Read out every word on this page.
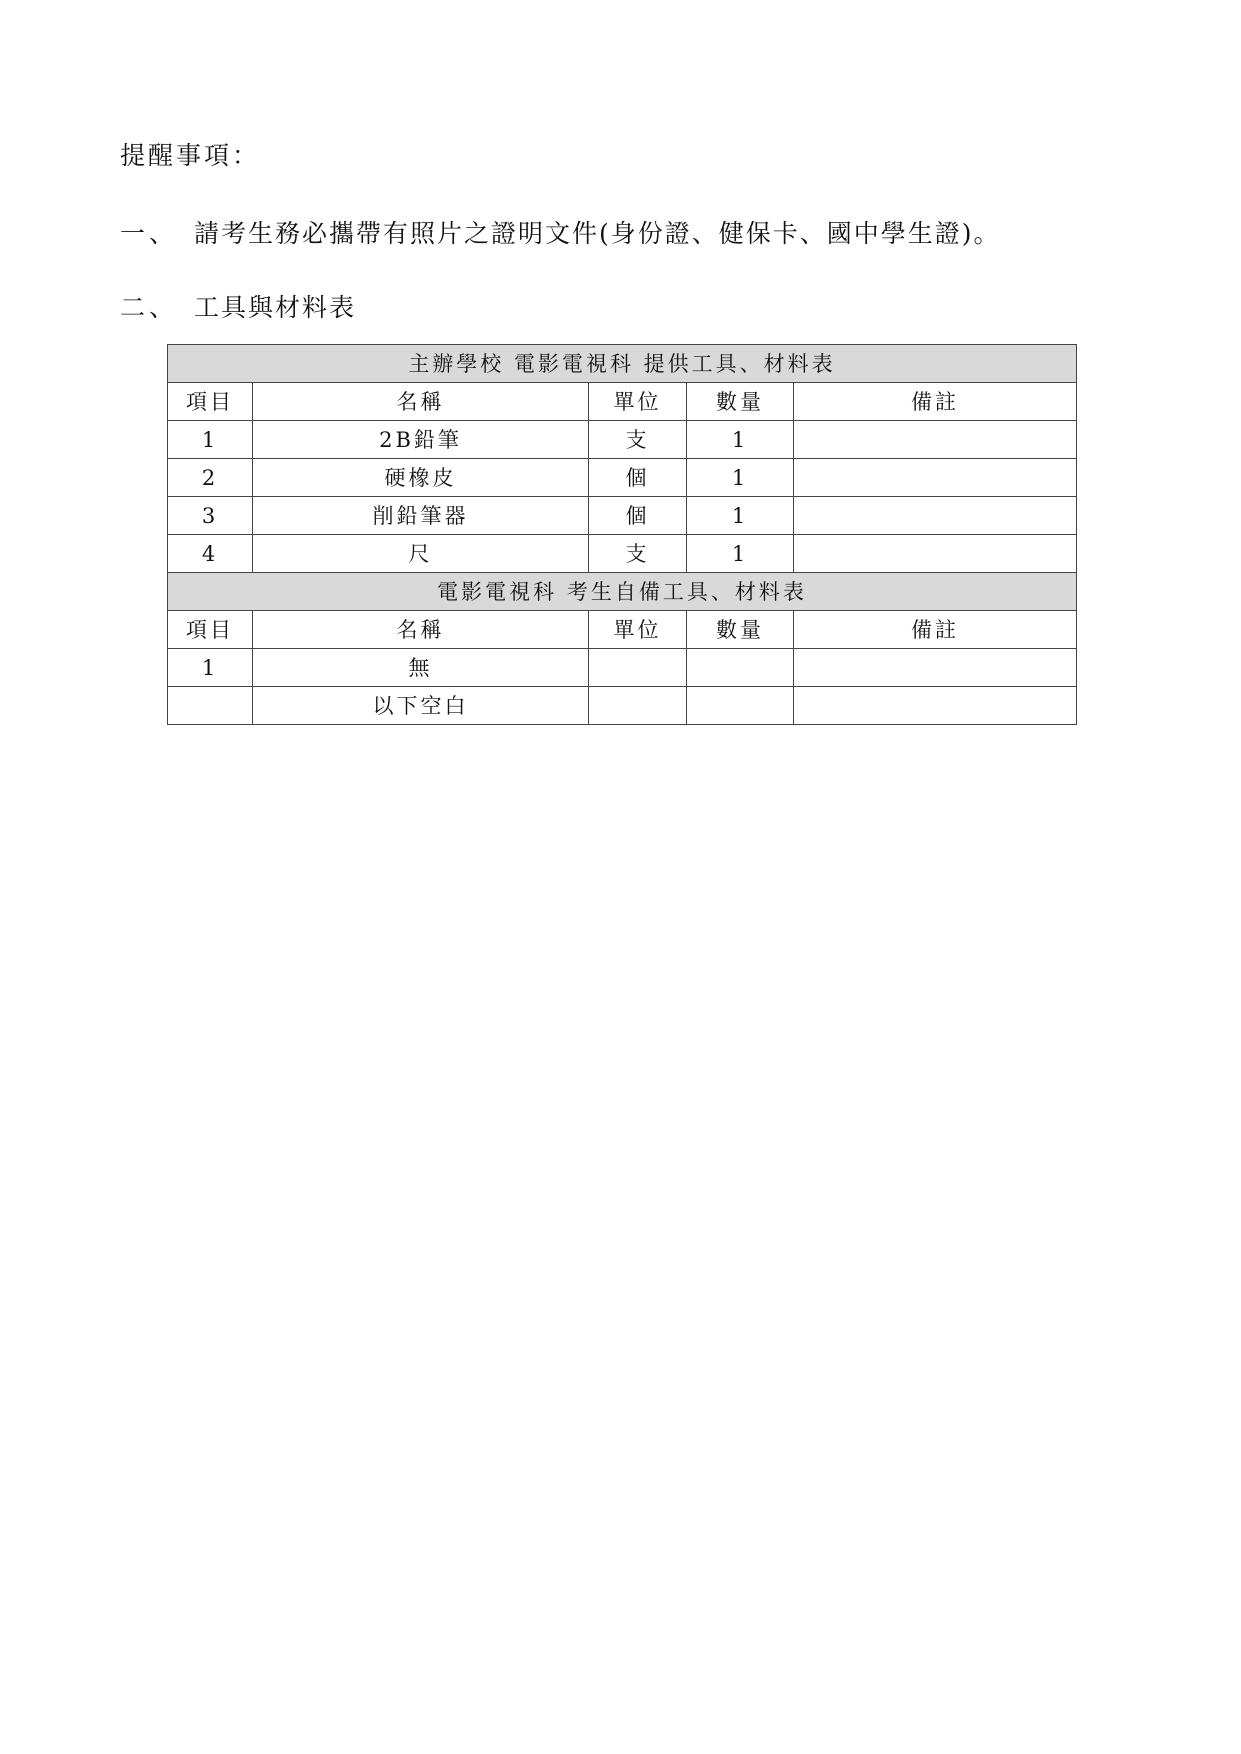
提醒事項：
一、 請考生務必攜帶有照片之證明文件(身份證、健保卡、國中學生證)。
二、 工具與材料表
主辦學校 電影電視科 提供工具、材料表				
項目	名稱	單位	數量	備註
1	2B鉛筆	支	1	
2	硬橡皮	個	1	
3	削鉛筆器	個	1	
4	尺	支	1	
電影電視科 考生自備工具、材料表				
項目	名稱	單位	數量	備註
1	無			
	以下空白			
